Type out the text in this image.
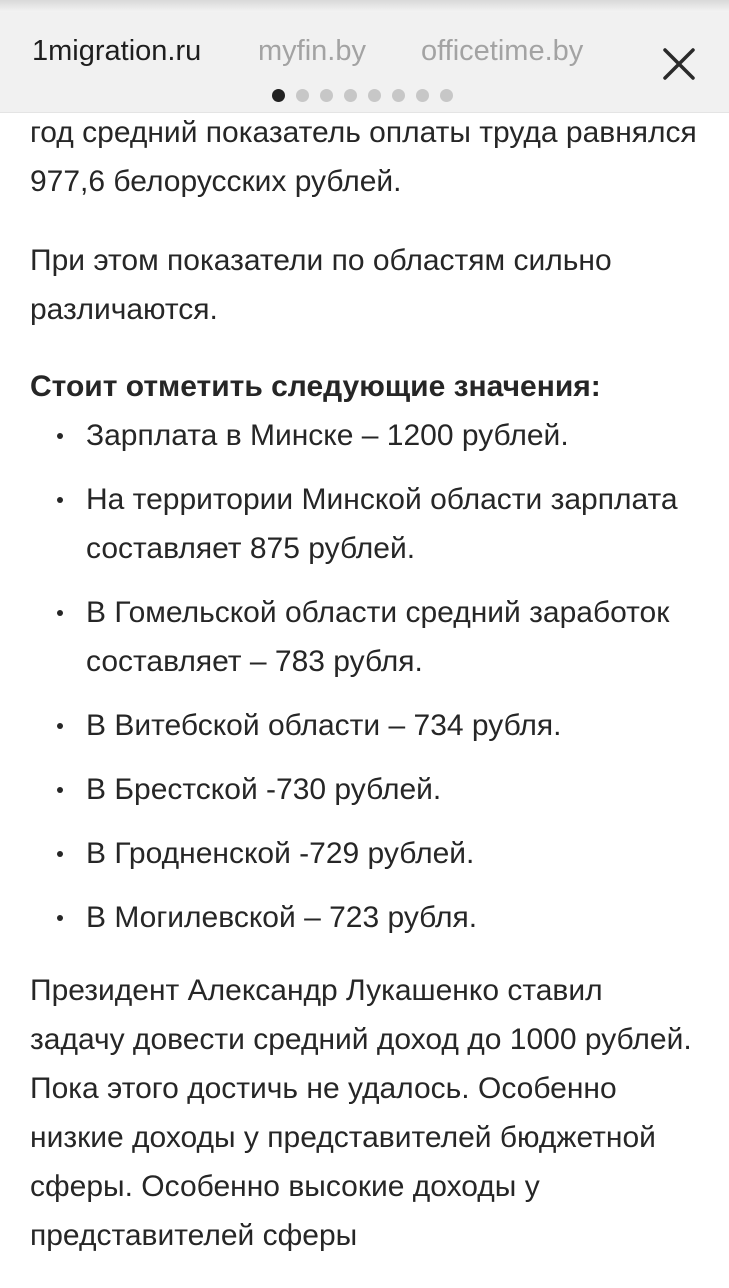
1migration.ru myfin.by officetime.by

год средний показатель оплаты труда равнялся 977,6 белорусских рублей.

При этом показатели по областям сильно различаются.

Стоит отметить следующие значения:

Зарплата в Минске – 1200 рублей.
На территории Минской области зарплата составляет 875 рублей.
В Гомельской области средний заработок составляет – 783 рубля.
В Витебской области – 734 рубля.
В Брестской -730 рублей.
В Гродненской -729 рублей.
В Могилевской – 723 рубля.

Президент Александр Лукашенко ставил задачу довести средний доход до 1000 рублей. Пока этого достичь не удалось. Особенно низкие доходы у представителей бюджетной сферы. Особенно высокие доходы у представителей сферы
